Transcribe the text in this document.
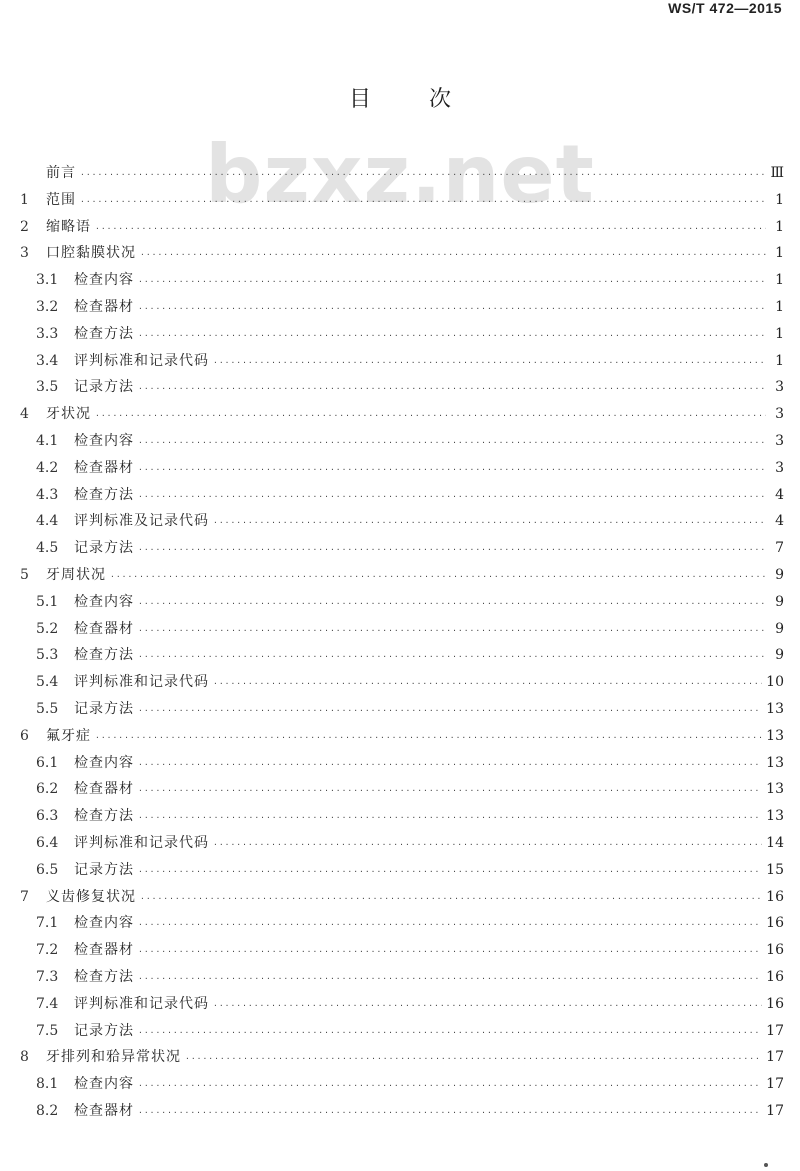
WS/T 472—2015
bzxz.net
目	次
前言 ·····	Ⅲ
1	范围 ·····	1
2	缩略语 ·····	1
3	口腔黏膜状况 ·····	1
3.1	检查内容 ·····	1
3.2	检查器材 ·····	1
3.3	检查方法 ·····	1
3.4	评判标准和记录代码 ·····	1
3.5	记录方法 ·····	3
4	牙状况 ·····	3
4.1	检查内容 ·····	3
4.2	检查器材 ·····	3
4.3	检查方法 ·····	4
4.4	评判标准及记录代码 ·····	4
4.5	记录方法 ·····	7
5	牙周状况 ·····	9
5.1	检查内容 ·····	9
5.2	检查器材 ·····	9
5.3	检查方法 ·····	9
5.4	评判标准和记录代码 ·····	10
5.5	记录方法 ·····	13
6	氟牙症 ·····	13
6.1	检查内容 ·····	13
6.2	检查器材 ·····	13
6.3	检查方法 ·····	13
6.4	评判标准和记录代码 ·····	14
6.5	记录方法 ·····	15
7	义齿修复状况 ·····	16
7.1	检查内容 ·····	16
7.2	检查器材 ·····	16
7.3	检查方法 ·····	16
7.4	评判标准和记录代码 ·····	16
7.5	记录方法 ·····	17
8	牙排列和𬌗异常状况 ·····	17
8.1	检查内容 ·····	17
8.2	检查器材 ·····	17
